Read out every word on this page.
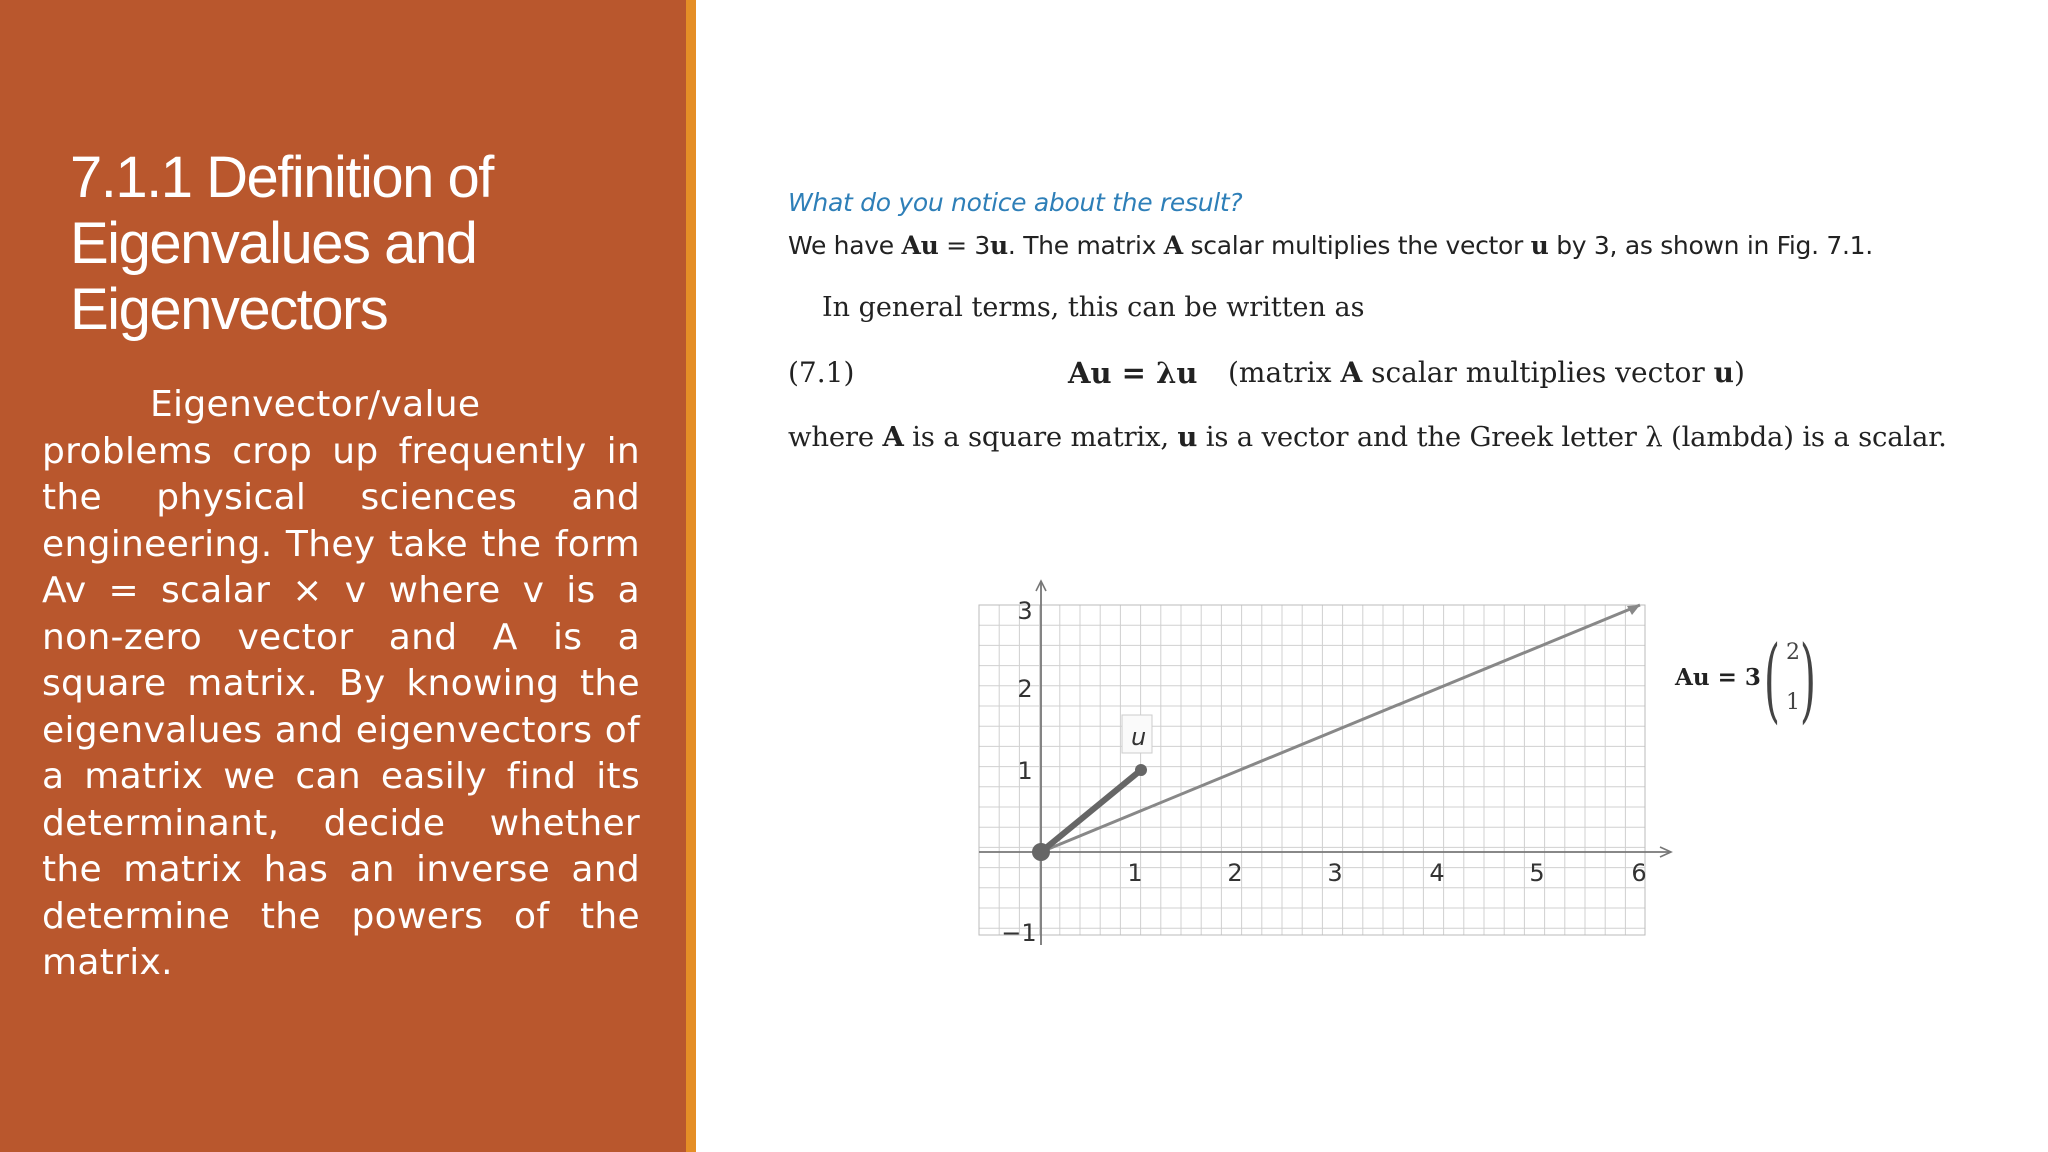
7.1.1 Definition of Eigenvalues and Eigenvectors

Eigenvector/value problems crop up frequently in the physical sciences and engineering. They take the form Av = scalar × v where v is a non-zero vector and A is a square matrix. By knowing the eigenvalues and eigenvectors of a matrix we can easily find its determinant, decide whether the matrix has an inverse and determine the powers of the matrix.

What do you notice about the result?
We have Au = 3u. The matrix A scalar multiplies the vector u by 3, as shown in Fig. 7.1.
In general terms, this can be written as
(7.1)	Au = λu (matrix A scalar multiplies vector u)
where A is a square matrix, u is a vector and the Greek letter λ (lambda) is a scalar.
u
1	2	3	4	5	6
3
2
1
−1
Au = 3 ( 2
1 )
